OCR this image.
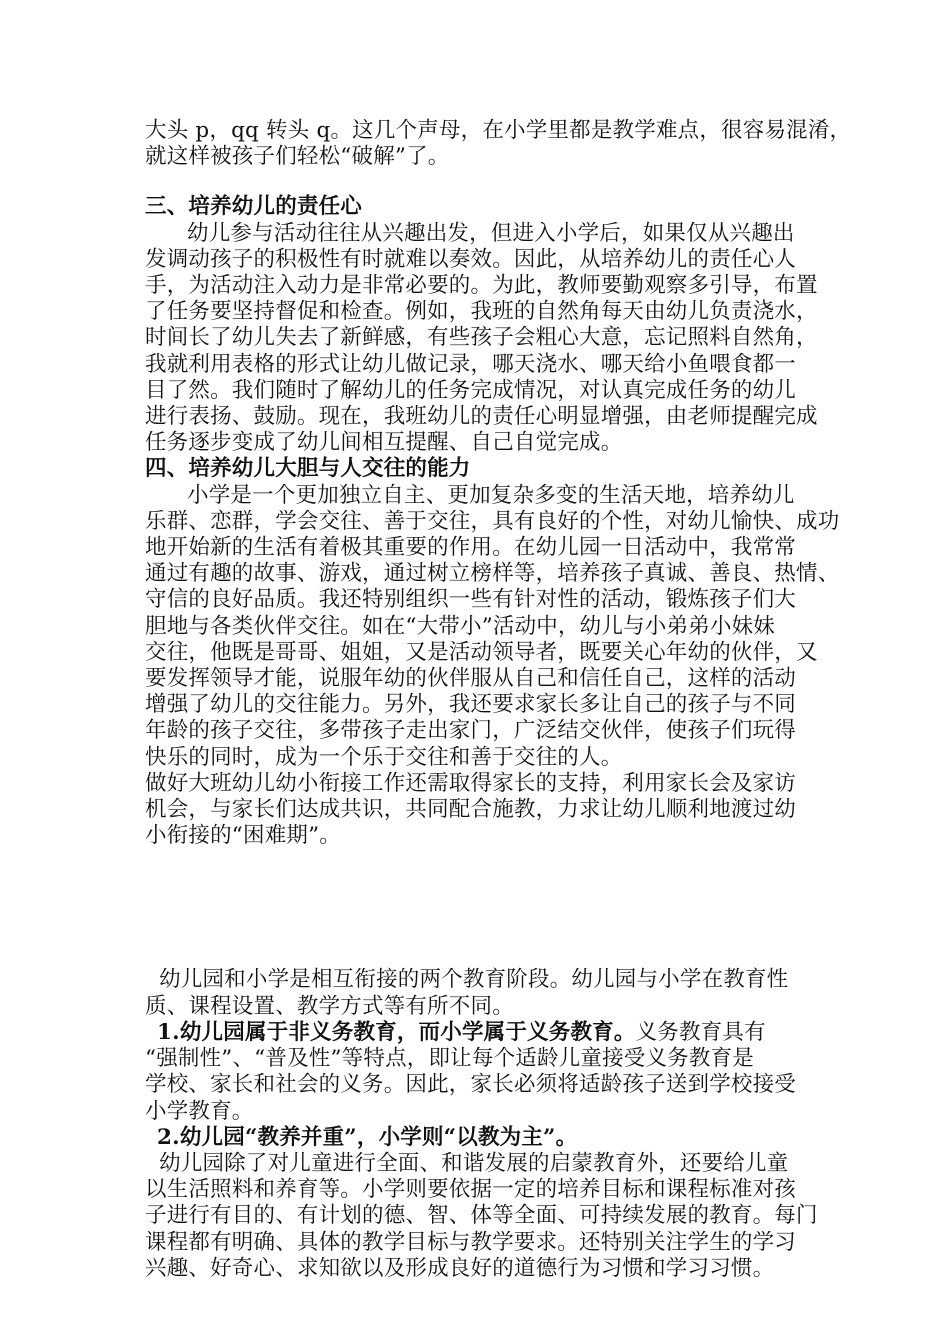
大头 p，qq 转头 q。这几个声母，在小学里都是教学难点，很容易混淆，
就这样被孩子们轻松“破解”了。
三、培养幼儿的责任心
幼儿参与活动往往从兴趣出发，但进入小学后，如果仅从兴趣出
发调动孩子的积极性有时就难以奏效。因此，从培养幼儿的责任心人
手，为活动注入动力是非常必要的。为此，教师要勤观察多引导，布置
了任务要坚持督促和检查。例如，我班的自然角每天由幼儿负责浇水，
时间长了幼儿失去了新鲜感，有些孩子会粗心大意，忘记照料自然角，
我就利用表格的形式让幼儿做记录，哪天浇水、哪天给小鱼喂食都一
目了然。我们随时了解幼儿的任务完成情况，对认真完成任务的幼儿
进行表扬、鼓励。现在，我班幼儿的责任心明显增强，由老师提醒完成
任务逐步变成了幼儿间相互提醒、自己自觉完成。
四、培养幼儿大胆与人交往的能力
小学是一个更加独立自主、更加复杂多变的生活天地，培养幼儿
乐群、恋群，学会交往、善于交往，具有良好的个性，对幼儿愉快、成功
地开始新的生活有着极其重要的作用。在幼儿园一日活动中，我常常
通过有趣的故事、游戏，通过树立榜样等，培养孩子真诚、善良、热情、
守信的良好品质。我还特别组织一些有针对性的活动，锻炼孩子们大
胆地与各类伙伴交往。如在“大带小”活动中，幼儿与小弟弟小妹妹
交往，他既是哥哥、姐姐，又是活动领导者，既要关心年幼的伙伴，又
要发挥领导才能，说服年幼的伙伴服从自己和信任自己，这样的活动
增强了幼儿的交往能力。另外，我还要求家长多让自己的孩子与不同
年龄的孩子交往，多带孩子走出家门，广泛结交伙伴，使孩子们玩得
快乐的同时，成为一个乐于交往和善于交往的人。
做好大班幼儿幼小衔接工作还需取得家长的支持，利用家长会及家访
机会，与家长们达成共识，共同配合施教，力求让幼儿顺利地渡过幼
小衔接的“困难期”。
幼儿园和小学是相互衔接的两个教育阶段。幼儿园与小学在教育性
质、课程设置、教学方式等有所不同。
1.幼儿园属于非义务教育，而小学属于义务教育。义务教育具有
“强制性”、“普及性”等特点，即让每个适龄儿童接受义务教育是
学校、家长和社会的义务。因此，家长必须将适龄孩子送到学校接受
小学教育。
2.幼儿园“教养并重”，小学则“以教为主”。
幼儿园除了对儿童进行全面、和谐发展的启蒙教育外，还要给儿童
以生活照料和养育等。小学则要依据一定的培养目标和课程标准对孩
子进行有目的、有计划的德、智、体等全面、可持续发展的教育。每门
课程都有明确、具体的教学目标与教学要求。还特别关注学生的学习
兴趣、好奇心、求知欲以及形成良好的道德行为习惯和学习习惯。
